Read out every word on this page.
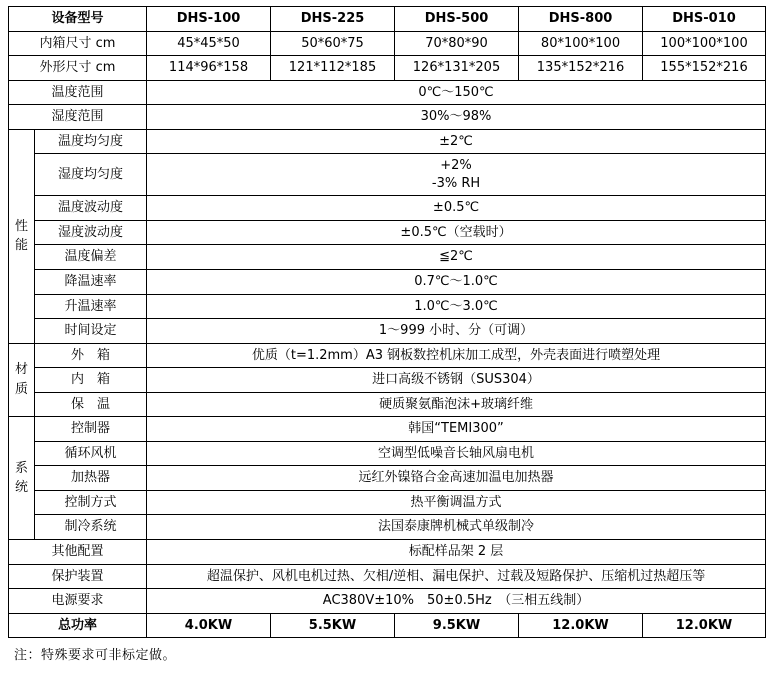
设备型号		DHS-100	DHS-225	DHS-500	DHS-800	DHS-010
内箱尺寸 cm		45*45*50	50*60*75	70*80*90	80*100*100	100*100*100
外形尺寸 cm		114*96*158	121*112*185	126*131*205	135*152*216	155*152*216
温度范围		0℃～150℃				
湿度范围		30%～98%				
性
能	温度均匀度	±2℃				
	湿度均匀度	+2%
-3% RH				
	温度波动度	±0.5℃				
	湿度波动度	±0.5℃（空载时）				
	温度偏差	≦2℃				
	降温速率	0.7℃～1.0℃				
	升温速率	1.0℃～3.0℃				
	时间设定	1～999 小时、分（可调）				
材
质	外　箱	优质（t=1.2mm）A3 钢板数控机床加工成型，外壳表面进行喷塑处理				
	内　箱	进口高级不锈钢（SUS304）				
	保　温	硬质聚氨酯泡沫+玻璃纤维				
系
统	控制器	韩国“TEMI300”				
	循环风机	空调型低噪音长轴风扇电机				
	加热器	远红外镍铬合金高速加温电加热器				
	控制方式	热平衡调温方式				
	制冷系统	法国泰康牌机械式单级制冷				
其他配置		标配样品架 2 层				
保护装置		超温保护、风机电机过热、欠相/逆相、漏电保护、过载及短路保护、压缩机过热超压等				
电源要求		AC380V±10%　50±0.5Hz　（三相五线制）				
总功率		4.0KW	5.5KW	9.5KW	12.0KW	12.0KW
注：特殊要求可非标定做。
